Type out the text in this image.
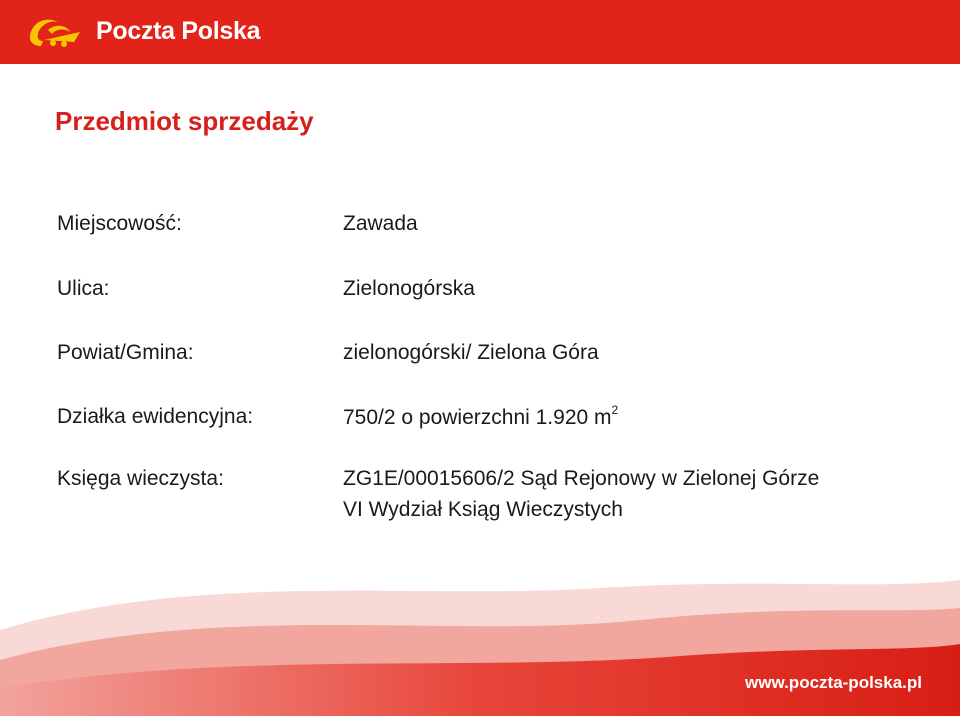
Poczta Polska
Przedmiot sprzedaży
Miejscowość:	Zawada
Ulica:	Zielonogórska
Powiat/Gmina:	zielonogórski/ Zielona Góra
Działka ewidencyjna:	750/2 o powierzchni 1.920 $m^2$
Księga wieczysta:	ZG1E/00015606/2 Sąd Rejonowy w Zielonej Górze
VI Wydział Ksiąg Wieczystych
www.poczta-polska.pl
